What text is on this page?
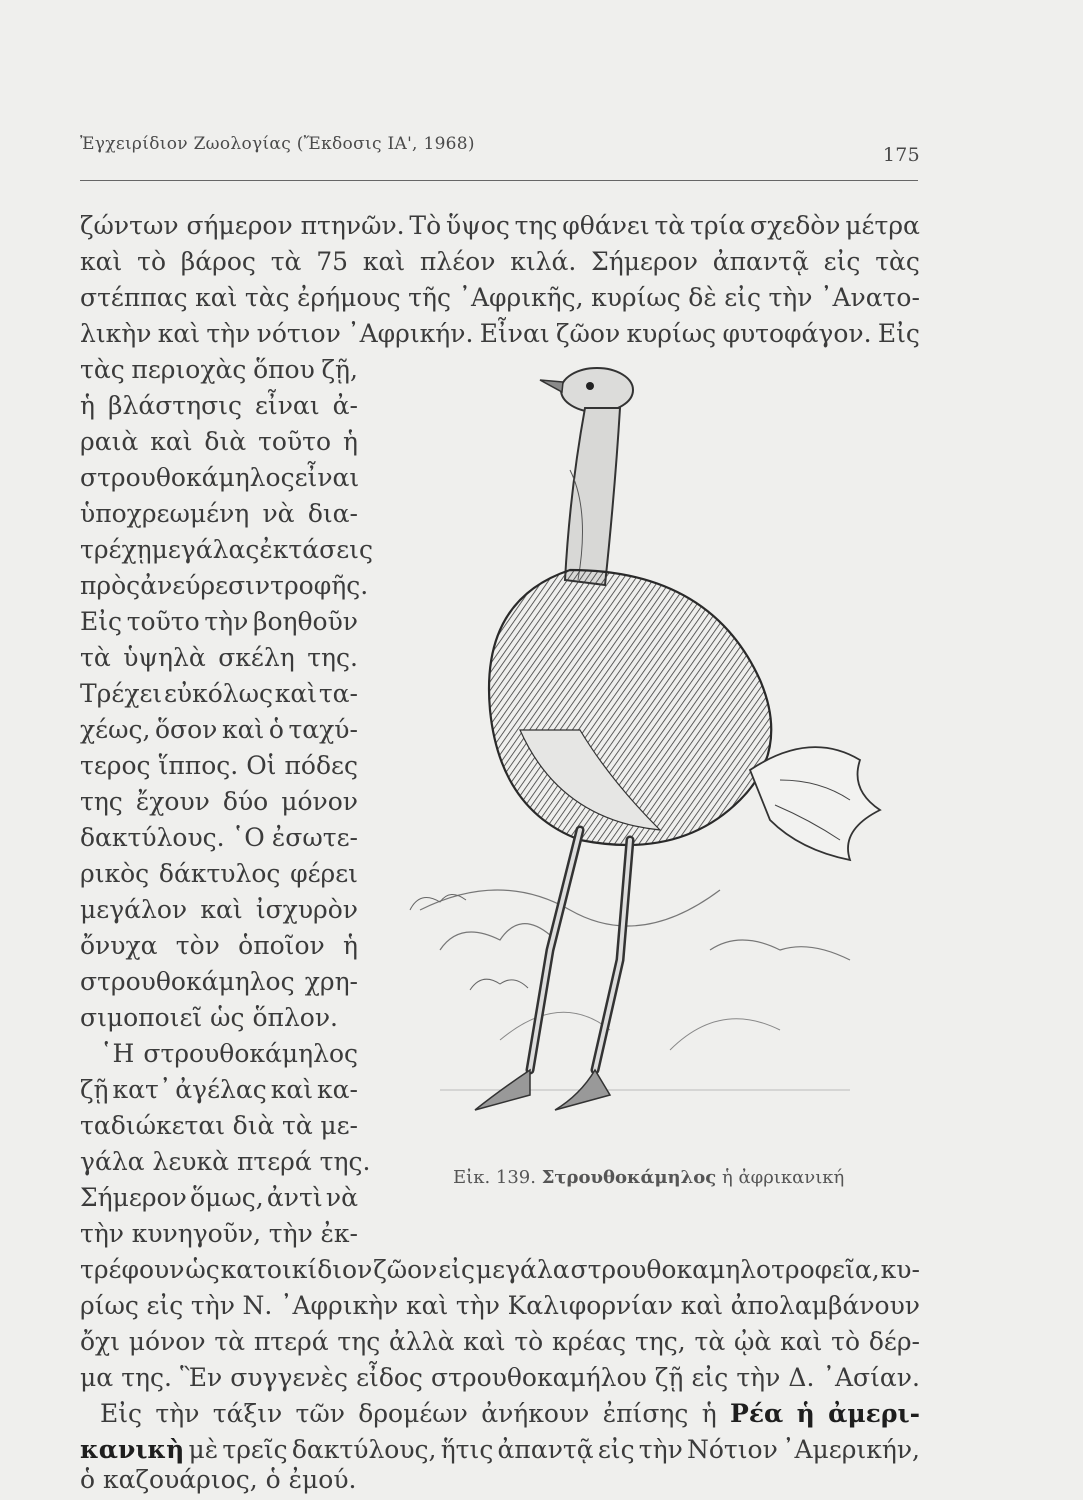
Ἐγχειρίδιον Ζωολογίας (Ἔκδοσις ΙΑ', 1968)	175
ζώντων σήμερον πτηνῶν. Τὸ ὕψος της φθάνει τὰ τρία σχεδὸν μέτρα
καὶ τὸ βάρος τὰ 75 καὶ πλέον κιλά. Σήμερον ἀπαντᾷ εἰς τὰς
στέππας καὶ τὰς ἐρήμους τῆς ᾿Αφρικῆς, κυρίως δὲ εἰς τὴν ᾿Ανατο-
λικὴν καὶ τὴν νότιον ᾿Αφρικήν. Εἶναι ζῶον κυρίως φυτοφάγον. Εἰς
τὰς περιοχὰς ὅπου ζῇ,
ἡ βλάστησις εἶναι ἀ-
ραιὰ καὶ διὰ τοῦτο ἡ
στρουθοκάμηλος εἶναι
ὑποχρεωμένη νὰ δια-
τρέχῃ μεγάλας ἐκτάσεις
πρὸς ἀνεύρεσιν τροφῆς.
Εἰς τοῦτο τὴν βοηθοῦν
τὰ ὑψηλὰ σκέλη της.
Τρέχει εὐκόλως καὶ τα-
χέως, ὅσον καὶ ὁ ταχύ-
τερος ἵππος. Οἱ πόδες
της ἔχουν δύο μόνον
δακτύλους. ῾Ο ἐσωτε-
ρικὸς δάκτυλος φέρει
μεγάλον καὶ ἰσχυρὸν
ὄνυχα τὸν ὁποῖον ἡ
στρουθοκάμηλος χρη-
σιμοποιεῖ ὡς ὅπλον.
῾Η στρουθοκάμηλος
ζῇ κατ᾿ ἀγέλας καὶ κα-
ταδιώκεται διὰ τὰ με-
γάλα λευκὰ πτερά της.
Σήμερον ὅμως, ἀντὶ νὰ
τὴν κυνηγοῦν, τὴν ἐκ-
τρέφουν ὡς κατοικίδιον ζῶον εἰς μεγάλα στρουθοκαμηλοτροφεῖα, κυ-
ρίως εἰς τὴν Ν. ᾿Αφρικὴν καὶ τὴν Καλιφορνίαν καὶ ἀπολαμβάνουν
ὄχι μόνον τὰ πτερά της ἀλλὰ καὶ τὸ κρέας της, τὰ ᾠὰ καὶ τὸ δέρ-
μα της. Ἓν συγγενὲς εἶδος στρουθοκαμήλου ζῇ εἰς τὴν Δ. ᾿Ασίαν.
Εἰς τὴν τάξιν τῶν δρομέων ἀνήκουν ἐπίσης ἡ Ρέα ἡ ἀμερι-
κανικὴ μὲ τρεῖς δακτύλους, ἥτις ἀπαντᾷ εἰς τὴν Νότιον ᾿Αμερικήν,
ὁ καζουάριος, ὁ ἐμού.
Εἰκ. 139. Στρουθοκάμηλος ἡ ἀφρικανική
